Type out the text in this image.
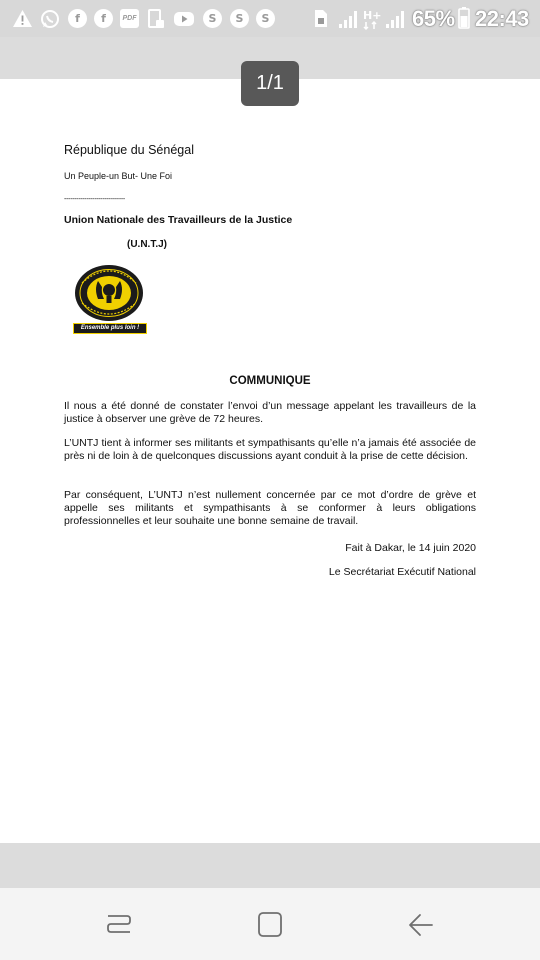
f	f	PDF	S	S	S	H+ 65% 22:43
1/1
République du Sénégal
Un Peuple-un But- Une Foi
------------------------------
Union Nationale des Travailleurs de la Justice
(U.N.T.J)
Ensemble plus loin !
COMMUNIQUE

Il nous a été donné de constater l’envoi d’un message appelant les travailleurs de la justice à observer une grève de 72 heures.

L’UNTJ tient à informer ses militants et sympathisants qu’elle n’a jamais été associée de près ni de loin à de quelconques discussions ayant conduit à la prise de cette décision.

Par conséquent, L’UNTJ n’est nullement concernée par ce mot d’ordre de grève et appelle ses militants et sympathisants à se conformer à leurs obligations professionnelles et leur souhaite une bonne semaine de travail.

Fait à Dakar, le 14 juin 2020
Le Secrétariat Exécutif National
